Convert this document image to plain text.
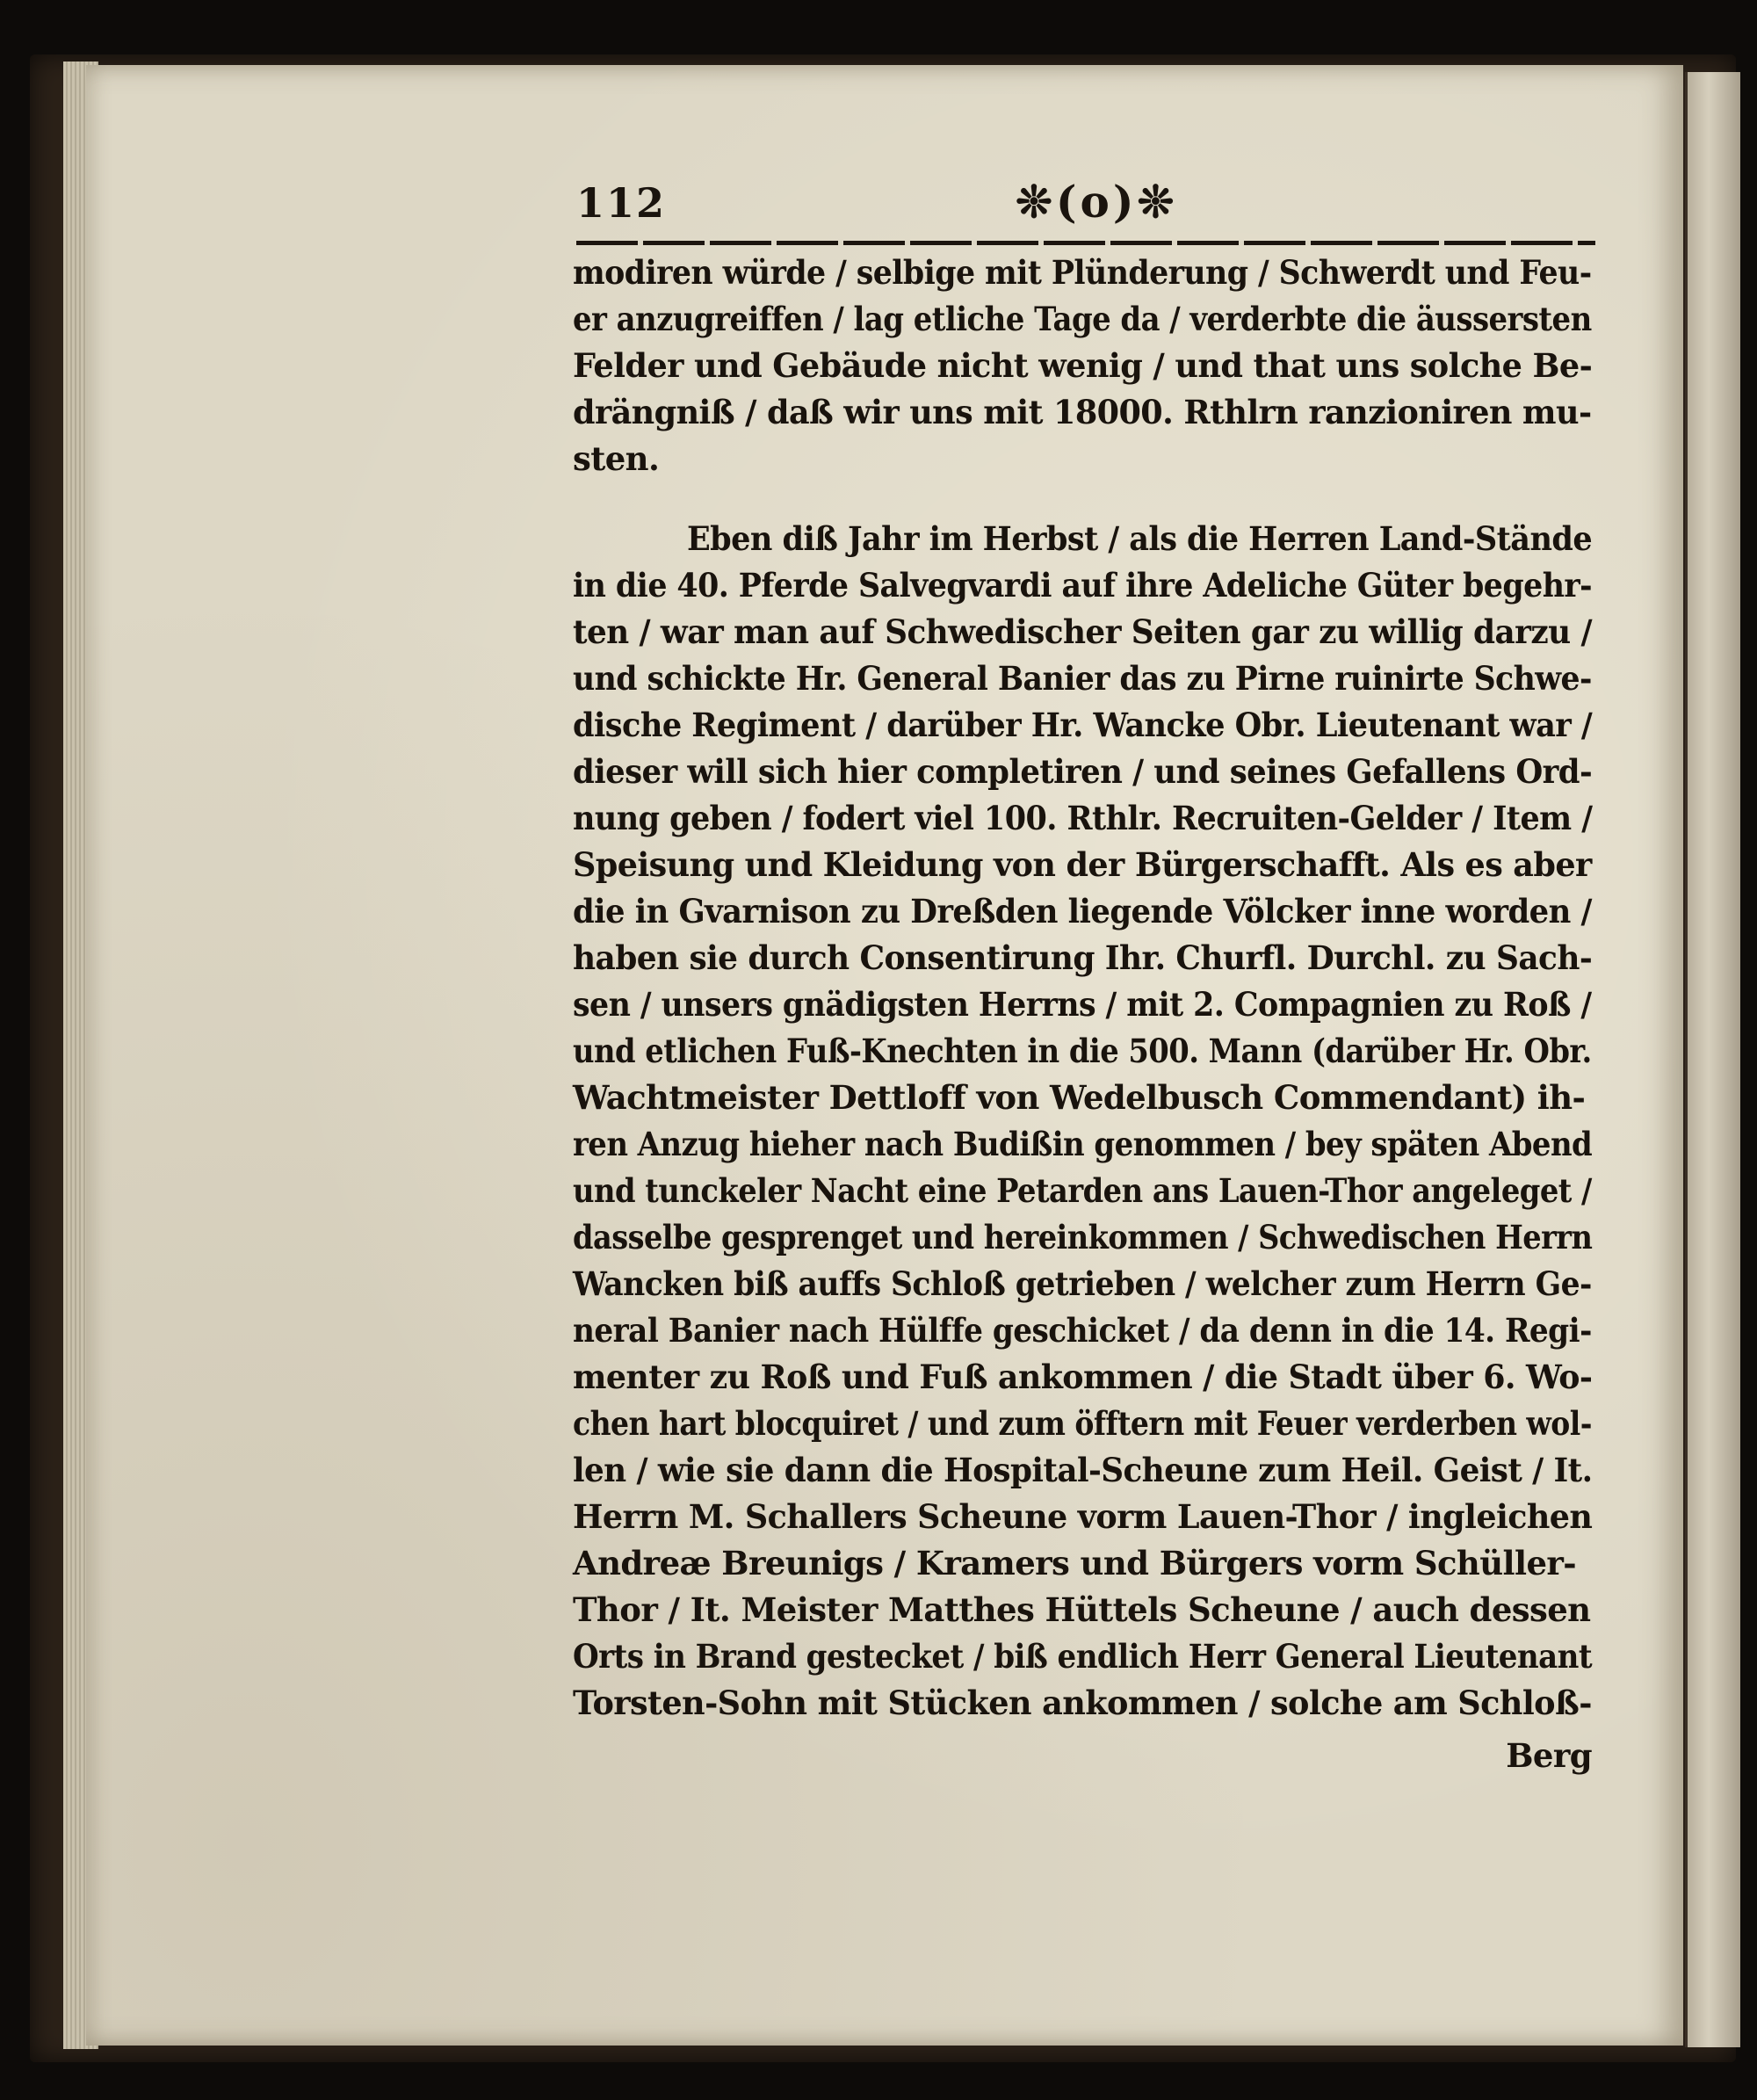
112	❊(o)❊
modiren würde / selbige mit Plünderung / Schwerdt und Feu-
er anzugreiffen / lag etliche Tage da / verderbte die äussersten
Felder und Gebäude nicht wenig / und that uns solche Be-
drängniß / daß wir uns mit 18000. Rthlrn ranzioniren mu-
sten.
Eben diß Jahr im Herbst / als die Herren Land-Stände
in die 40. Pferde Salvegvardi auf ihre Adeliche Güter begehr-
ten / war man auf Schwedischer Seiten gar zu willig darzu /
und schickte Hr. General Banier das zu Pirne ruinirte Schwe-
dische Regiment / darüber Hr. Wancke Obr. Lieutenant war /
dieser will sich hier completiren / und seines Gefallens Ord-
nung geben / fodert viel 100. Rthlr. Recruiten-Gelder / Item /
Speisung und Kleidung von der Bürgerschafft. Als es aber
die in Gvarnison zu Dreßden liegende Völcker inne worden /
haben sie durch Consentirung Ihr. Churfl. Durchl. zu Sach-
sen / unsers gnädigsten Herrns / mit 2. Compagnien zu Roß /
und etlichen Fuß-Knechten in die 500. Mann (darüber Hr. Obr.
Wachtmeister Dettloff von Wedelbusch Commendant) ih-
ren Anzug hieher nach Budißin genommen / bey späten Abend
und tunckeler Nacht eine Petarden ans Lauen-Thor angeleget /
dasselbe gesprenget und hereinkommen / Schwedischen Herrn
Wancken biß auffs Schloß getrieben / welcher zum Herrn Ge-
neral Banier nach Hülffe geschicket / da denn in die 14. Regi-
menter zu Roß und Fuß ankommen / die Stadt über 6. Wo-
chen hart blocquiret / und zum öfftern mit Feuer verderben wol-
len / wie sie dann die Hospital-Scheune zum Heil. Geist / It.
Herrn M. Schallers Scheune vorm Lauen-Thor / ingleichen
Andreæ Breunigs / Kramers und Bürgers vorm Schüller-
Thor / It. Meister Matthes Hüttels Scheune / auch dessen
Orts in Brand gestecket / biß endlich Herr General Lieutenant
Torsten-Sohn mit Stücken ankommen / solche am Schloß-
Berg
